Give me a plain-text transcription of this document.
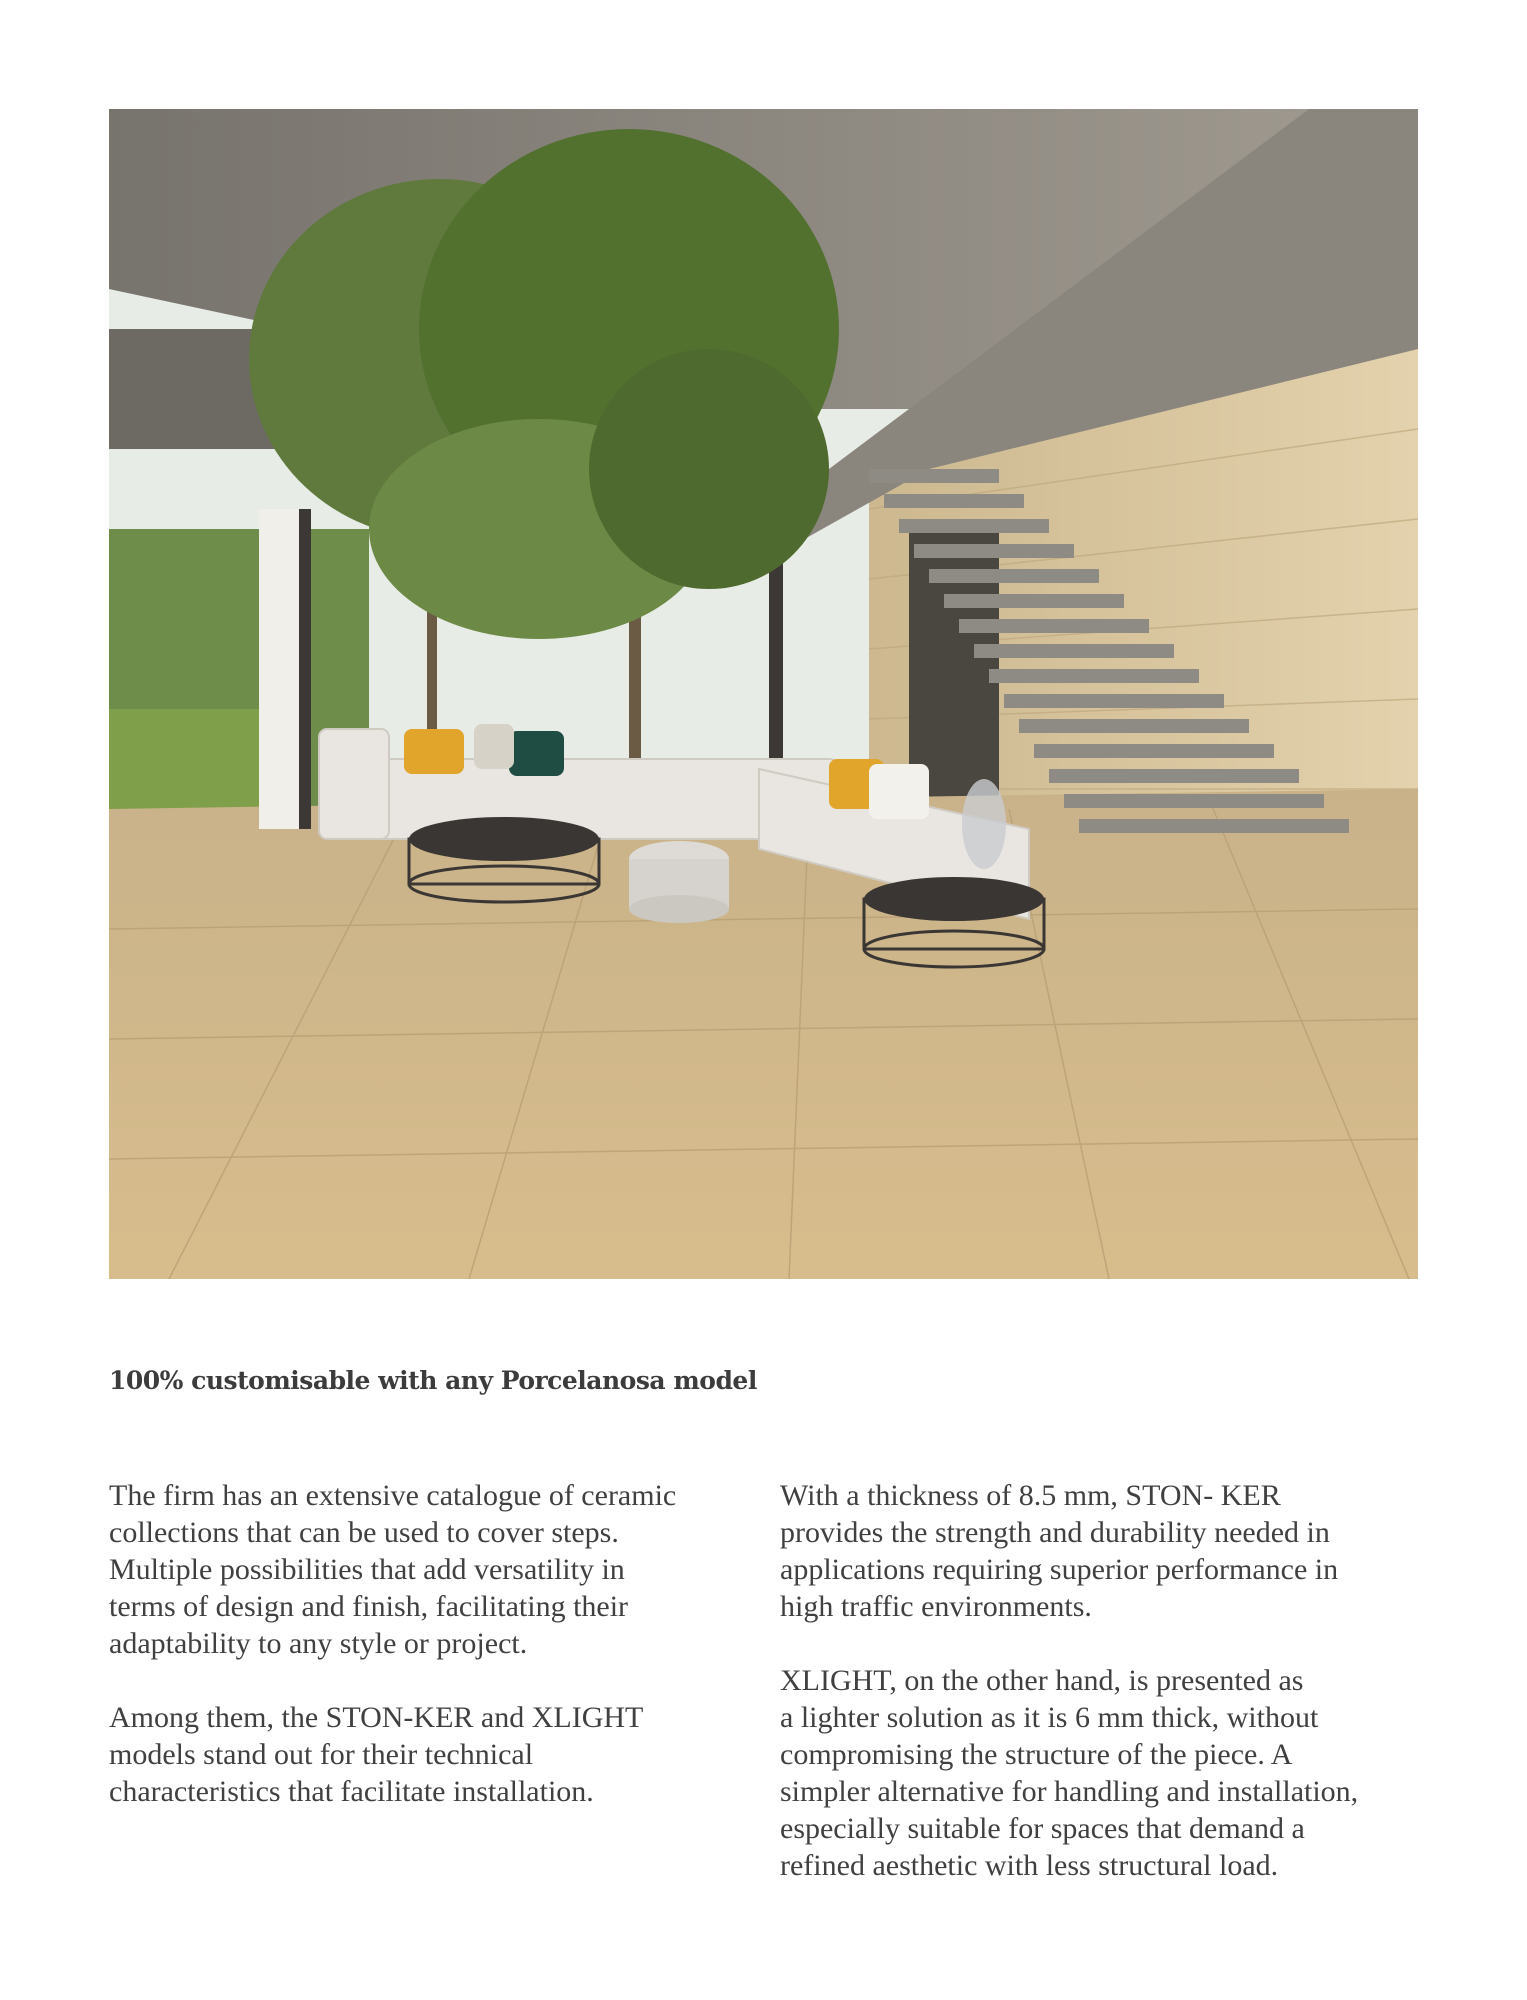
100% customisable with any Porcelanosa model

The firm has an extensive catalogue of ceramic
collections that can be used to cover steps.
Multiple possibilities that add versatility in
terms of design and finish, facilitating their
adaptability to any style or project.

Among them, the STON-KER and XLIGHT
models stand out for their technical
characteristics that facilitate installation.

With a thickness of 8.5 mm, STON- KER
provides the strength and durability needed in
applications requiring superior performance in
high traffic environments.

XLIGHT, on the other hand, is presented as
a lighter solution as it is 6 mm thick, without
compromising the structure of the piece. A
simpler alternative for handling and installation,
especially suitable for spaces that demand a
refined aesthetic with less structural load.
